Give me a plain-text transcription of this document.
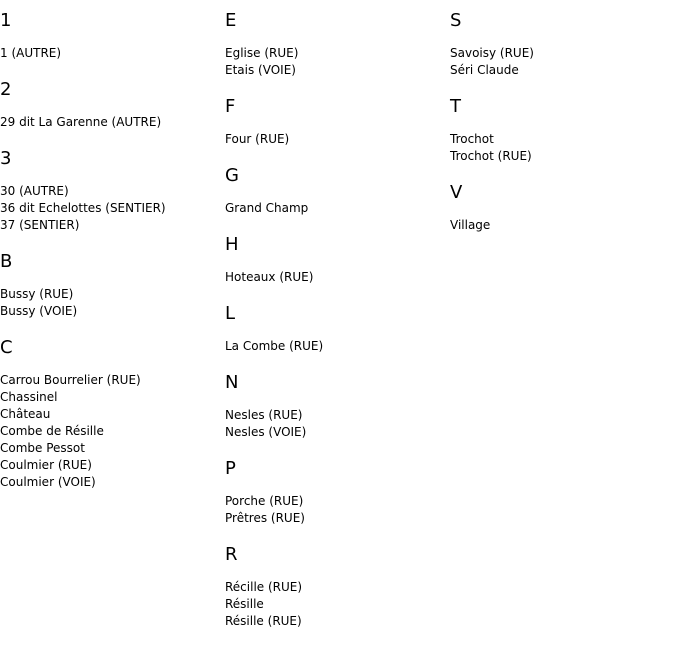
1
1 (AUTRE)
2
29 dit La Garenne (AUTRE)
3
30 (AUTRE)
36 dit Echelottes (SENTIER)
37 (SENTIER)
B
Bussy (RUE)
Bussy (VOIE)
C
Carrou Bourrelier (RUE)
Chassinel
Château
Combe de Résille
Combe Pessot
Coulmier (RUE)
Coulmier (VOIE)
E
Eglise (RUE)
Etais (VOIE)
F
Four (RUE)
G
Grand Champ
H
Hoteaux (RUE)
L
La Combe (RUE)
N
Nesles (RUE)
Nesles (VOIE)
P
Porche (RUE)
Prêtres (RUE)
R
Récille (RUE)
Résille
Résille (RUE)
S
Savoisy (RUE)
Séri Claude
T
Trochot
Trochot (RUE)
V
Village
